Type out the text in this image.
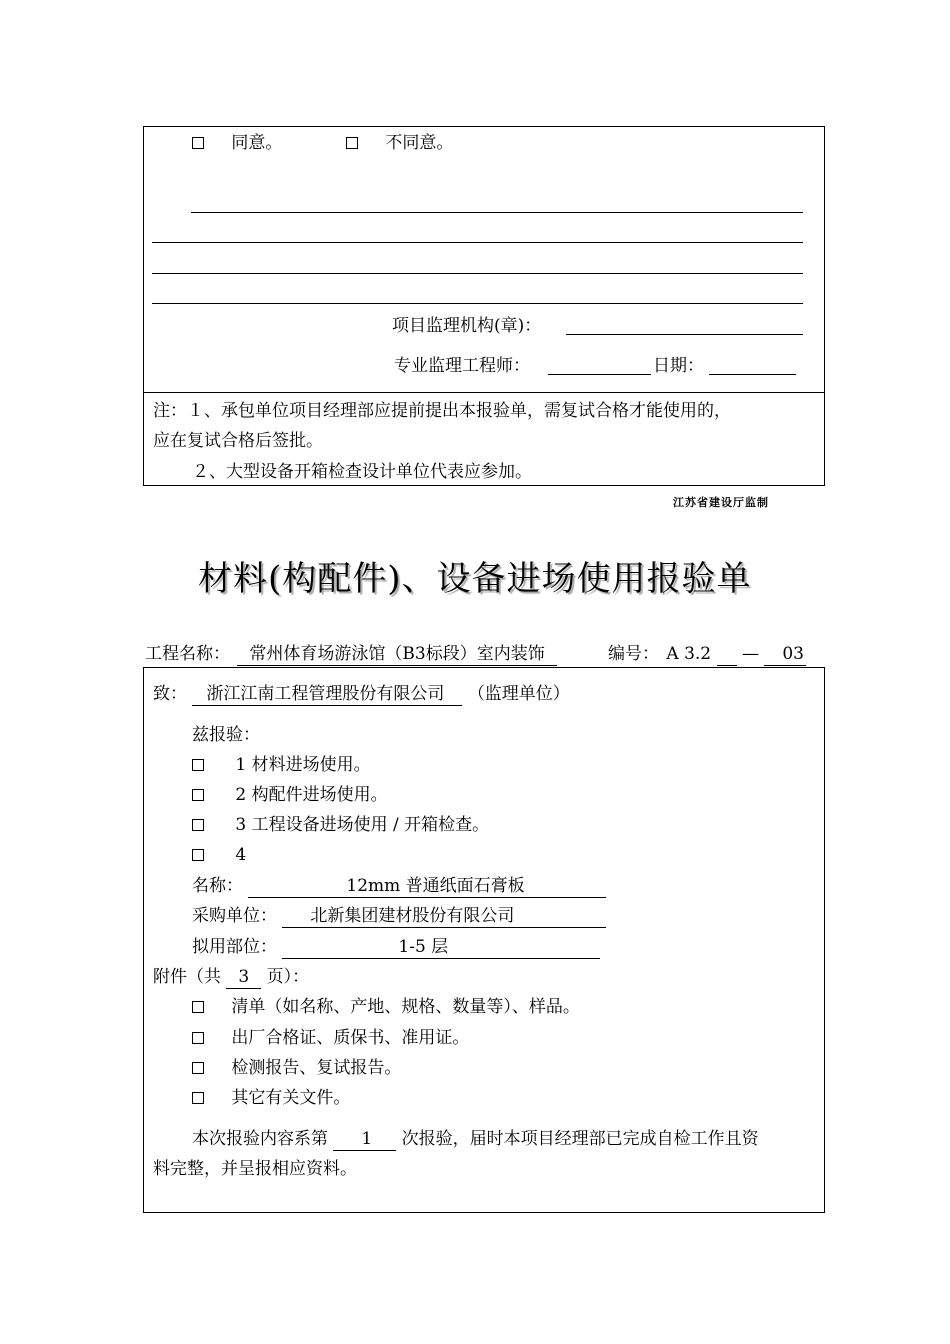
同意。	不同意。
项目监理机构(章)：
专业监理工程师：	日期：
注：１、承包单位项目经理部应提前提出本报验单，需复试合格才能使用的，
应在复试合格后签批。
２、大型设备开箱检查设计单位代表应参加。
江苏省建设厅监制
材料(构配件)、设备进场使用报验单
工程名称： 常州体育场游泳馆（B3标段）室内装饰	编号： A 3.2 — 03
致： 浙江江南工程管理股份有限公司 （监理单位）
兹报验：
1 材料进场使用。
2 构配件进场使用。
3 工程设备进场使用 / 开箱检查。
4
名称：	12mm 普通纸面石膏板
采购单位： 北新集团建材股份有限公司
拟用部位：	1-5 层
附件（共 3 页）：
清单（如名称、产地、规格、数量等）、样品。
出厂合格证、质保书、准用证。
检测报告、复试报告。
其它有关文件。
本次报验内容系第 1 次报验，届时本项目经理部已完成自检工作且资
料完整，并呈报相应资料。
